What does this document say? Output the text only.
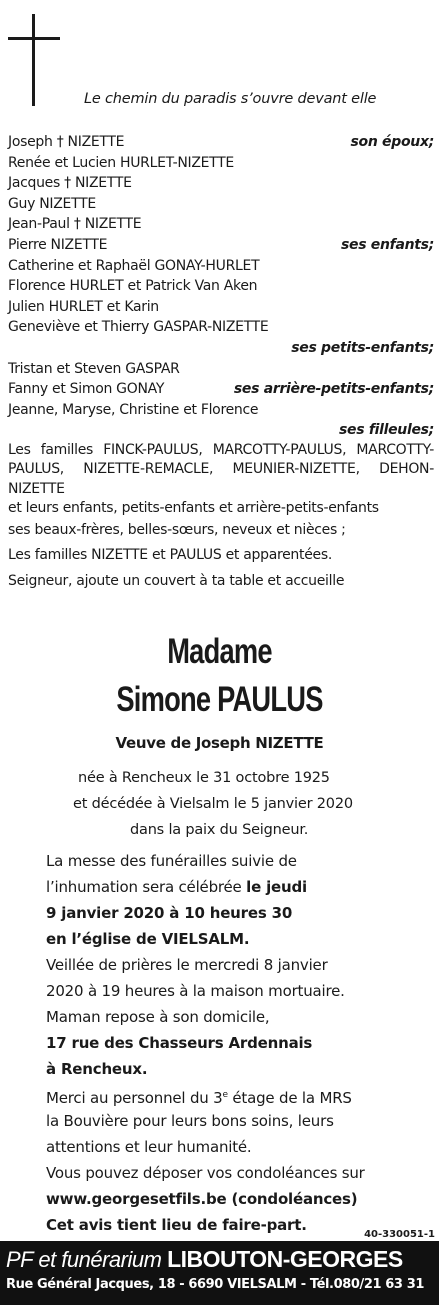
Le chemin du paradis s’ouvre devant elle
Joseph † NIZETTE	son époux;
Renée et Lucien HURLET-NIZETTE
Jacques † NIZETTE
Guy NIZETTE
Jean-Paul † NIZETTE
Pierre NIZETTE	ses enfants;
Catherine et Raphaël GONAY-HURLET
Florence HURLET et Patrick Van Aken
Julien HURLET et Karin
Geneviève et Thierry GASPAR-NIZETTE
ses petits-enfants;
Tristan et Steven GASPAR
Fanny et Simon GONAY	ses arrière-petits-enfants;
Jeanne, Maryse, Christine et Florence
ses filleules;
Les familles FINCK-PAULUS, MARCOTTY-PAULUS, MARCOTTY-PAULUS, NIZETTE-REMACLE, MEUNIER-NIZETTE, DEHON-NIZETTE
et leurs enfants, petits-enfants et arrière-petits-enfants
ses beaux-frères, belles-sœurs, neveux et nièces ;
Les familles NIZETTE et PAULUS et apparentées.
Seigneur, ajoute un couvert à ta table et accueille
Madame
Simone PAULUS
Veuve de Joseph NIZETTE
née à Rencheux le 31 octobre 1925
et décédée à Vielsalm le 5 janvier 2020
dans la paix du Seigneur.
La messe des funérailles suivie de
l’inhumation sera célébrée le jeudi
9 janvier 2020 à 10 heures 30
en l’église de VIELSALM.
Veillée de prières le mercredi 8 janvier
2020 à 19 heures à la maison mortuaire.
Maman repose à son domicile,
17 rue des Chasseurs Ardennais
à Rencheux.
Merci au personnel du 3e étage de la MRS
la Bouvière pour leurs bons soins, leurs
attentions et leur humanité.
Vous pouvez déposer vos condoléances sur
www.georgesetfils.be (condoléances)
Cet avis tient lieu de faire-part.
40-330051-1
PF et funérarium LIBOUTON-GEORGES
Rue Général Jacques, 18 - 6690 VIELSALM - Tél.080/21 63 31
